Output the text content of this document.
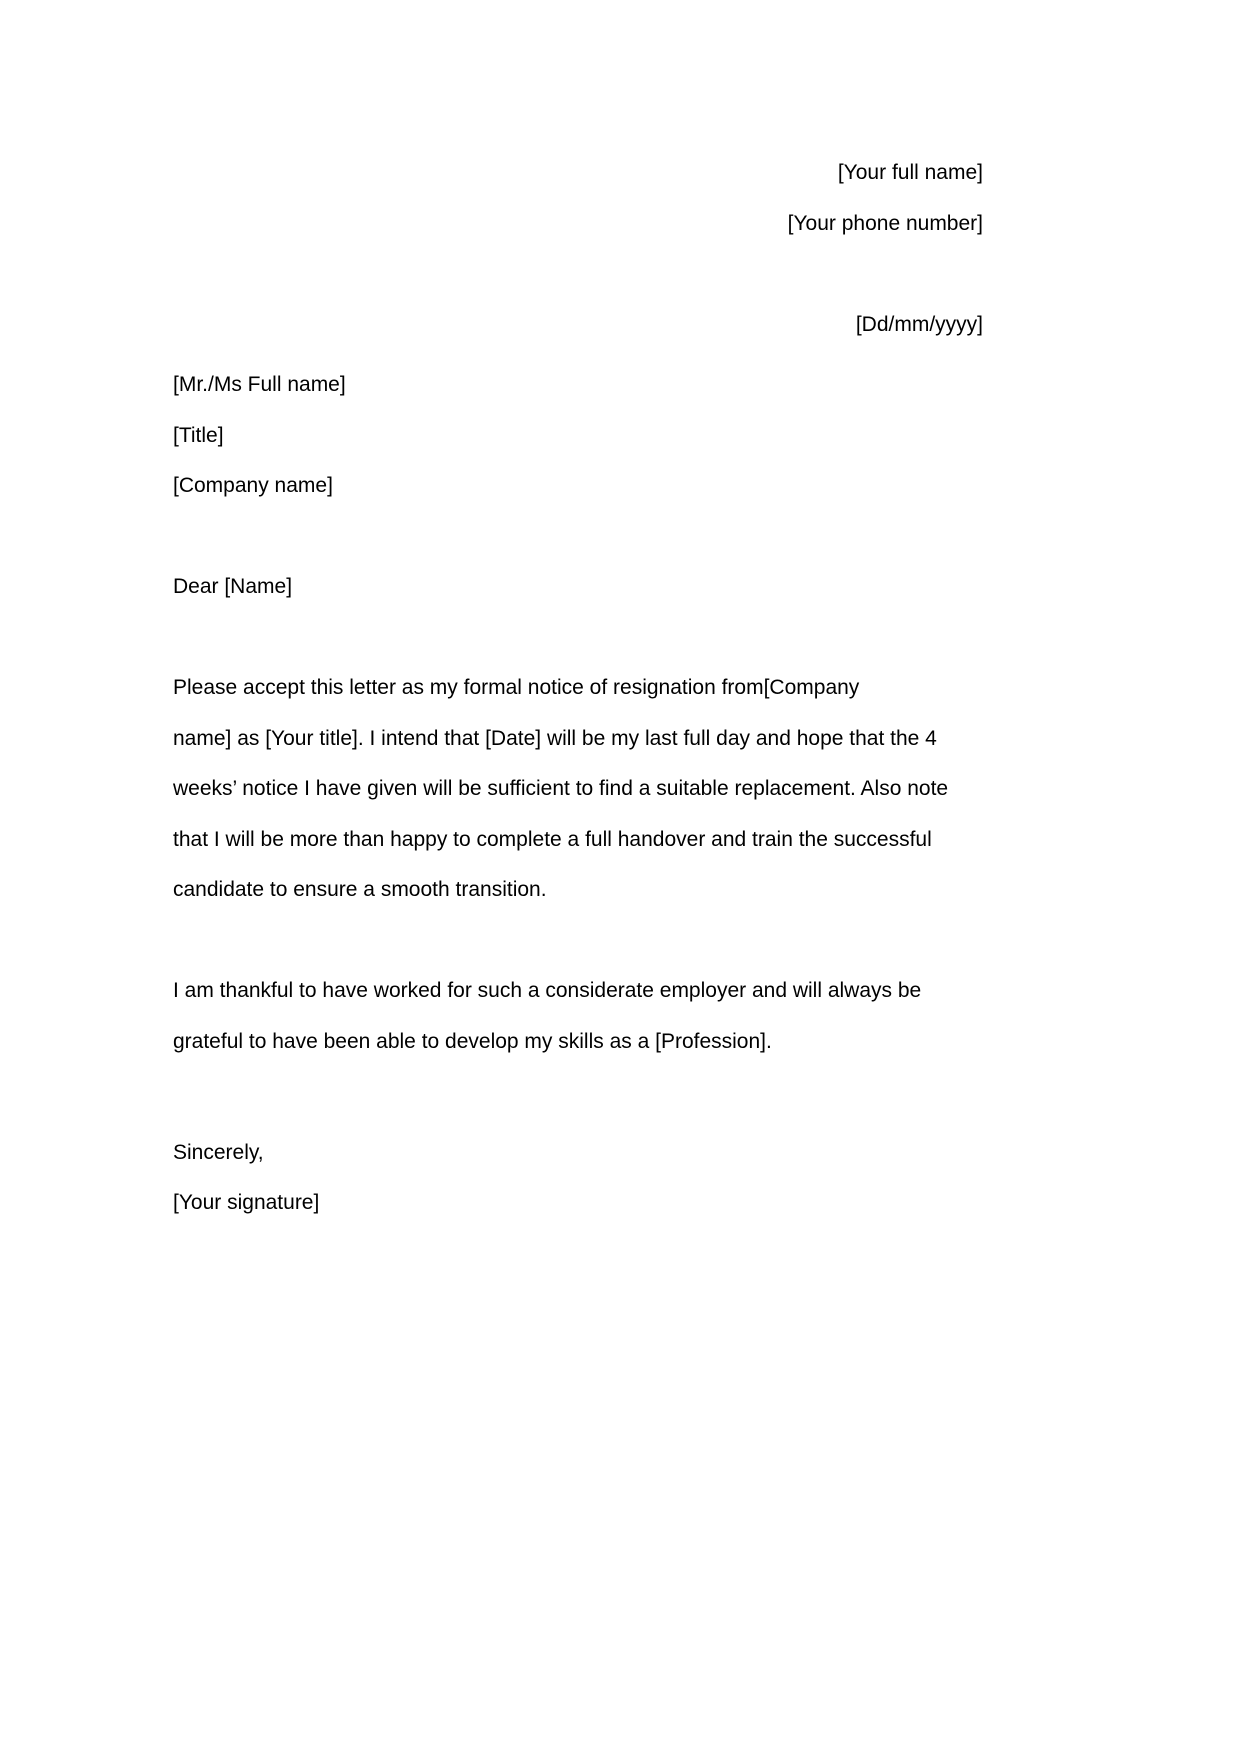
[Your full name]
[Your phone number]
[Dd/mm/yyyy]
[Mr./Ms Full name]
[Title]
[Company name]
Dear [Name]
Please accept this letter as my formal notice of resignation from[Company
name] as [Your title]. I intend that [Date] will be my last full day and hope that the 4
weeks’ notice I have given will be sufficient to find a suitable replacement. Also note
that I will be more than happy to complete a full handover and train the successful
candidate to ensure a smooth transition.
I am thankful to have worked for such a considerate employer and will always be
grateful to have been able to develop my skills as a [Profession].
Sincerely,
[Your signature]
